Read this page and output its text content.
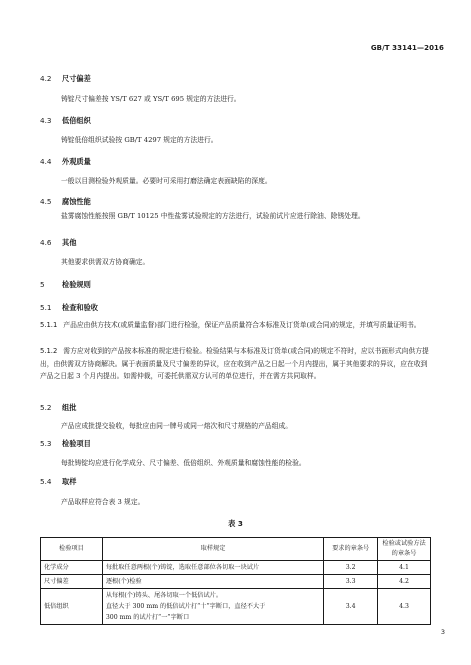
GB/T 33141—2016
4.2 尺寸偏差
铸锭尺寸偏差按 YS/T 627 或 YS/T 695 规定的方法进行。
4.3 低倍组织
铸锭低倍组织试验按 GB/T 4297 规定的方法进行。
4.4 外观质量
一般以目测检验外观质量。必要时可采用打磨法确定表面缺陷的深度。
4.5 腐蚀性能
盐雾腐蚀性能按照 GB/T 10125 中性盐雾试验规定的方法进行，试验前试片应进行除油、除锈处理。
4.6 其他
其他要求供需双方协商确定。
5 检验规则
5.1 检查和验收
5.1.1 产品应由供方技术(或质量监督)部门进行检验，保证产品质量符合本标准及订货单(或合同)的规定，并填写质量证明书。
5.1.2 需方应对收到的产品按本标准的规定进行检验。检验结果与本标准及订货单(或合同)的规定不符时，应以书面形式向供方提出，由供需双方协商解决。属于表面质量及尺寸偏差的异议，应在收到产品之日起一个月内提出，属于其他要求的异议，应在收到产品之日起 3 个月内提出。如需仲裁，可委托供需双方认可的单位进行，并在需方共同取样。
5.2 组批
产品应成批提交验收，每批应由同一牌号或同一熔次和尺寸规格的产品组成。
5.3 检验项目
每批铸锭均应进行化学成分、尺寸偏差、低倍组织、外观质量和腐蚀性能的检验。
5.4 取样
产品取样应符合表 3 规定。
表 3
检验项目	取样规定	要求的章条号	检验或试验方法的章条号
化学成分	每批取任意两根(个)铸锭，选取任意部位各切取一块试片	3.2	4.1
尺寸偏差	逐根(个)检验	3.3	4.2
低倍组织	从每根(个)铸头、尾各切取一个低倍试片。
直径大于 300 mm 的低倍试片打“十”字断口，直径不大于
300 mm 的试片打“一”字断口	3.4	4.3
3
